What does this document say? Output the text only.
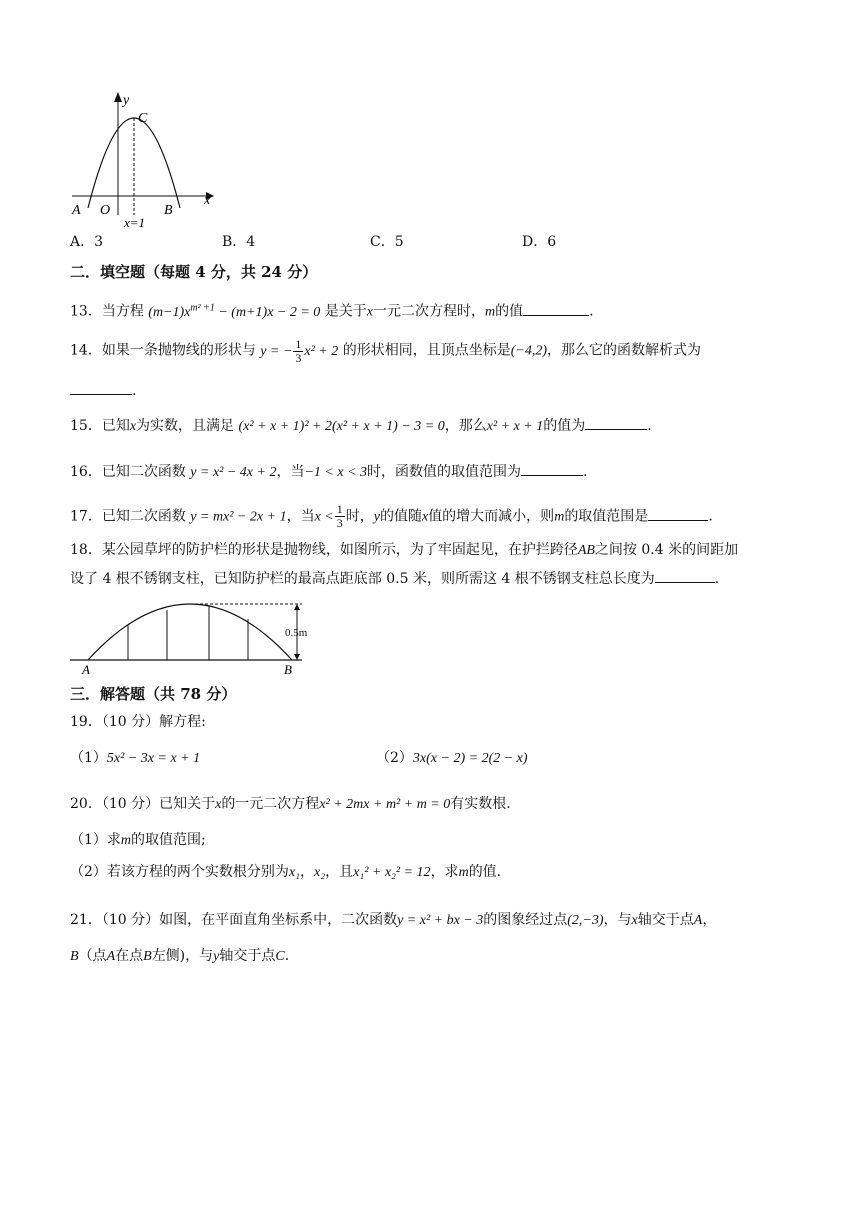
y
x
C
A O	B
x=1
A．3	B．4	C．5	D．6
二．填空题（每题 4 分，共 24 分）
13．当方程 $(m-1)x^{m^2 +1} - (m+1)x - 2 = 0$ 是关于x一元二次方程时，m的值	.
14．如果一条抛物线的形状与 y = − $\frac{1}{3} x^2 + 2$ 的形状相同，且顶点坐标是(−4,2)，那么它的函数解析式为
.
15．已知x为实数，且满足 (x² + x + 1)² + 2(x² + x + 1) − 3 = 0，那么x² + x + 1的值为	.
16．已知二次函数 y = x² − 4x + 2，当−1 < x < 3时，函数值的取值范围为	.
17．已知二次函数 y = mx² − 2x + 1，当$x < \frac{1}{3}$ 时，y的值随x值的增大而减小，则m的取值范围是	.
18．某公园草坪的防护栏的形状是抛物线，如图所示，为了牢固起见，在护拦跨径AB之间按 0.4 米的间距加
设了 4 根不锈钢支柱，已知防护栏的最高点距底部 0.5 米，则所需这 4 根不锈钢支柱总长度为	.
0.5m
A	B
三．解答题（共 78 分）
19．（10 分）解方程:
（1）5x² − 3x = x + 1	（2）3x(x − 2) = 2(2 − x)
20．（10 分）已知关于x的一元二次方程x² + 2mx + m² + m = 0有实数根.
（1）求m的取值范围;
（2）若该方程的两个实数根分别为x₁，x₂，且x₁² + x₂² = 12，求m的值.
21．（10 分）如图，在平面直角坐标系中，二次函数y = x² + bx − 3的图象经过点(2,−3)，与x轴交于点A，
B（点A在点B左侧)，与y轴交于点C.
